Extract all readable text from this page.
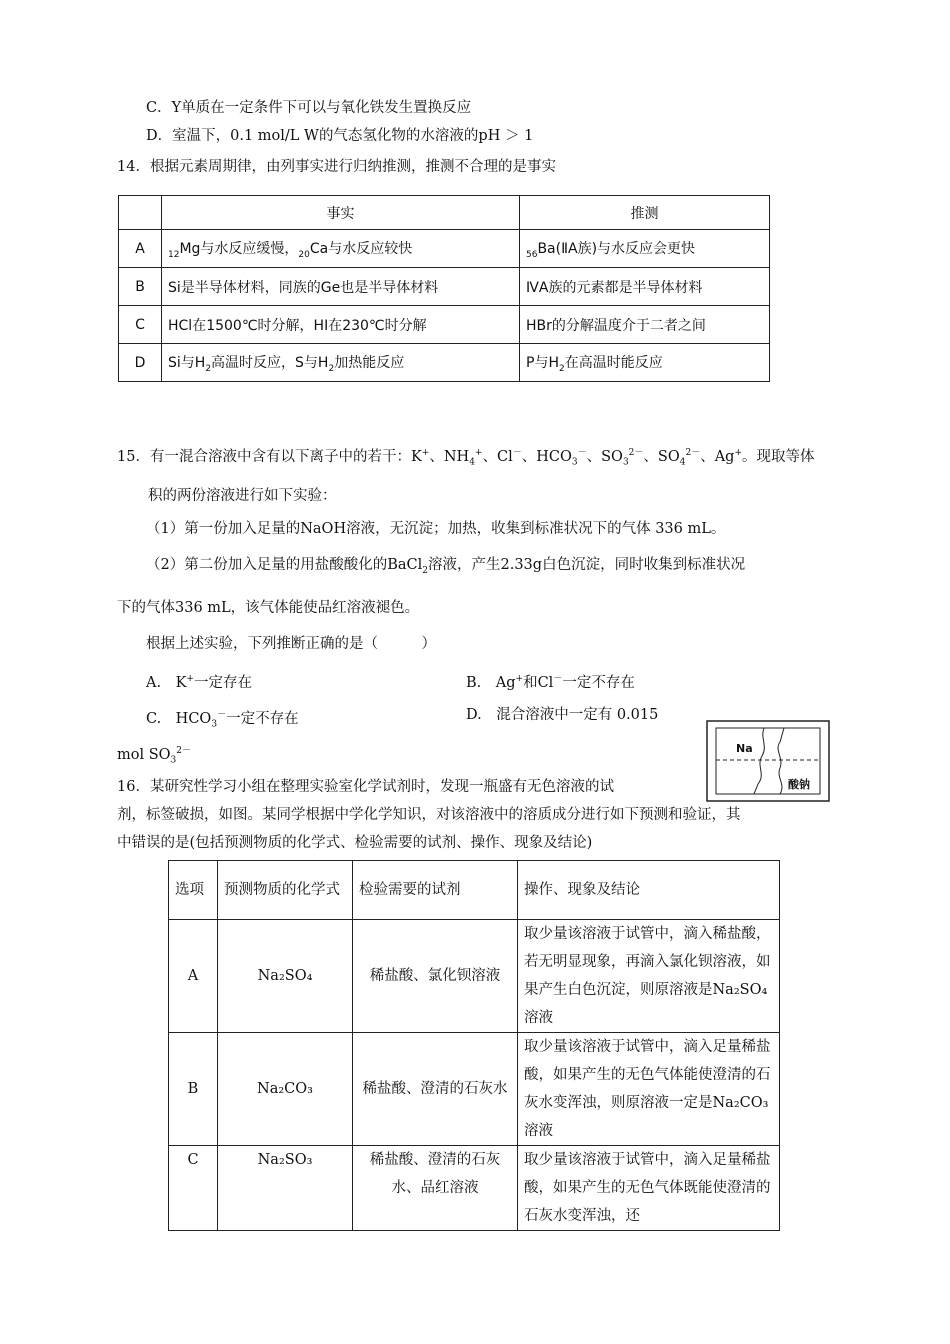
C．Y单质在一定条件下可以与氧化铁发生置换反应
D．室温下，0.1 mol/L W的气态氢化物的水溶液的pH ＞ 1
14．根据元素周期律，由列事实进行归纳推测，推测不合理的是事实
	事实	推测
A	$_{12}$Mg与水反应缓慢，$_{20}$Ca与水反应较快	$_{56}$Ba(ⅡA族)与水反应会更快
B	Si是半导体材料，同族的Ge也是半导体材料	ⅣA族的元素都是半导体材料
C	HCl在1500℃时分解，HI在230℃时分解	HBr的分解温度介于二者之间
D	Si与$H_2$高温时反应，S与$H_2$加热能反应	P与$H_2$在高温时能反应
15．有一混合溶液中含有以下离子中的若干：K+、$NH_4^+$、Cl－、$HCO_3^-$、$SO_3^{2-}$、$SO_4^{2-}$、Ag+。现取等体
积的两份溶液进行如下实验：
（1）第一份加入足量的NaOH溶液，无沉淀；加热，收集到标准状况下的气体 336 mL。
（2）第二份加入足量的用盐酸酸化的BaCl$_2$溶液，产生2.33g白色沉淀，同时收集到标准状况
下的气体336 mL，该气体能使品红溶液褪色。
根据上述实验，下列推断正确的是（　　　）
A.　K+一定存在	B.　Ag+和Cl－一定不存在
C.　$HCO_3^-$一定不存在	D.　混合溶液中一定有 0.015
mol $SO_3^{2-}$	Na
酸钠
16．某研究性学习小组在整理实验室化学试剂时，发现一瓶盛有无色溶液的试
剂，标签破损，如图。某同学根据中学化学知识，对该溶液中的溶质成分进行如下预测和验证，其
中错误的是(包括预测物质的化学式、检验需要的试剂、操作、现象及结论)
选项	预测物质的化学式	检验需要的试剂	操作、现象及结论
A	Na₂SO₄	稀盐酸、氯化钡溶液	取少量该溶液于试管中，滴入稀盐酸，若无明显现象，再滴入氯化钡溶液，如果产生白色沉淀，则原溶液是Na₂SO₄溶液
B	Na₂CO₃	稀盐酸、澄清的石灰水	取少量该溶液于试管中，滴入足量稀盐酸，如果产生的无色气体能使澄清的石灰水变浑浊，则原溶液一定是Na₂CO₃溶液
C	Na₂SO₃	稀盐酸、澄清的石灰水、品红溶液	取少量该溶液于试管中，滴入足量稀盐酸，如果产生的无色气体既能使澄清的石灰水变浑浊，还
